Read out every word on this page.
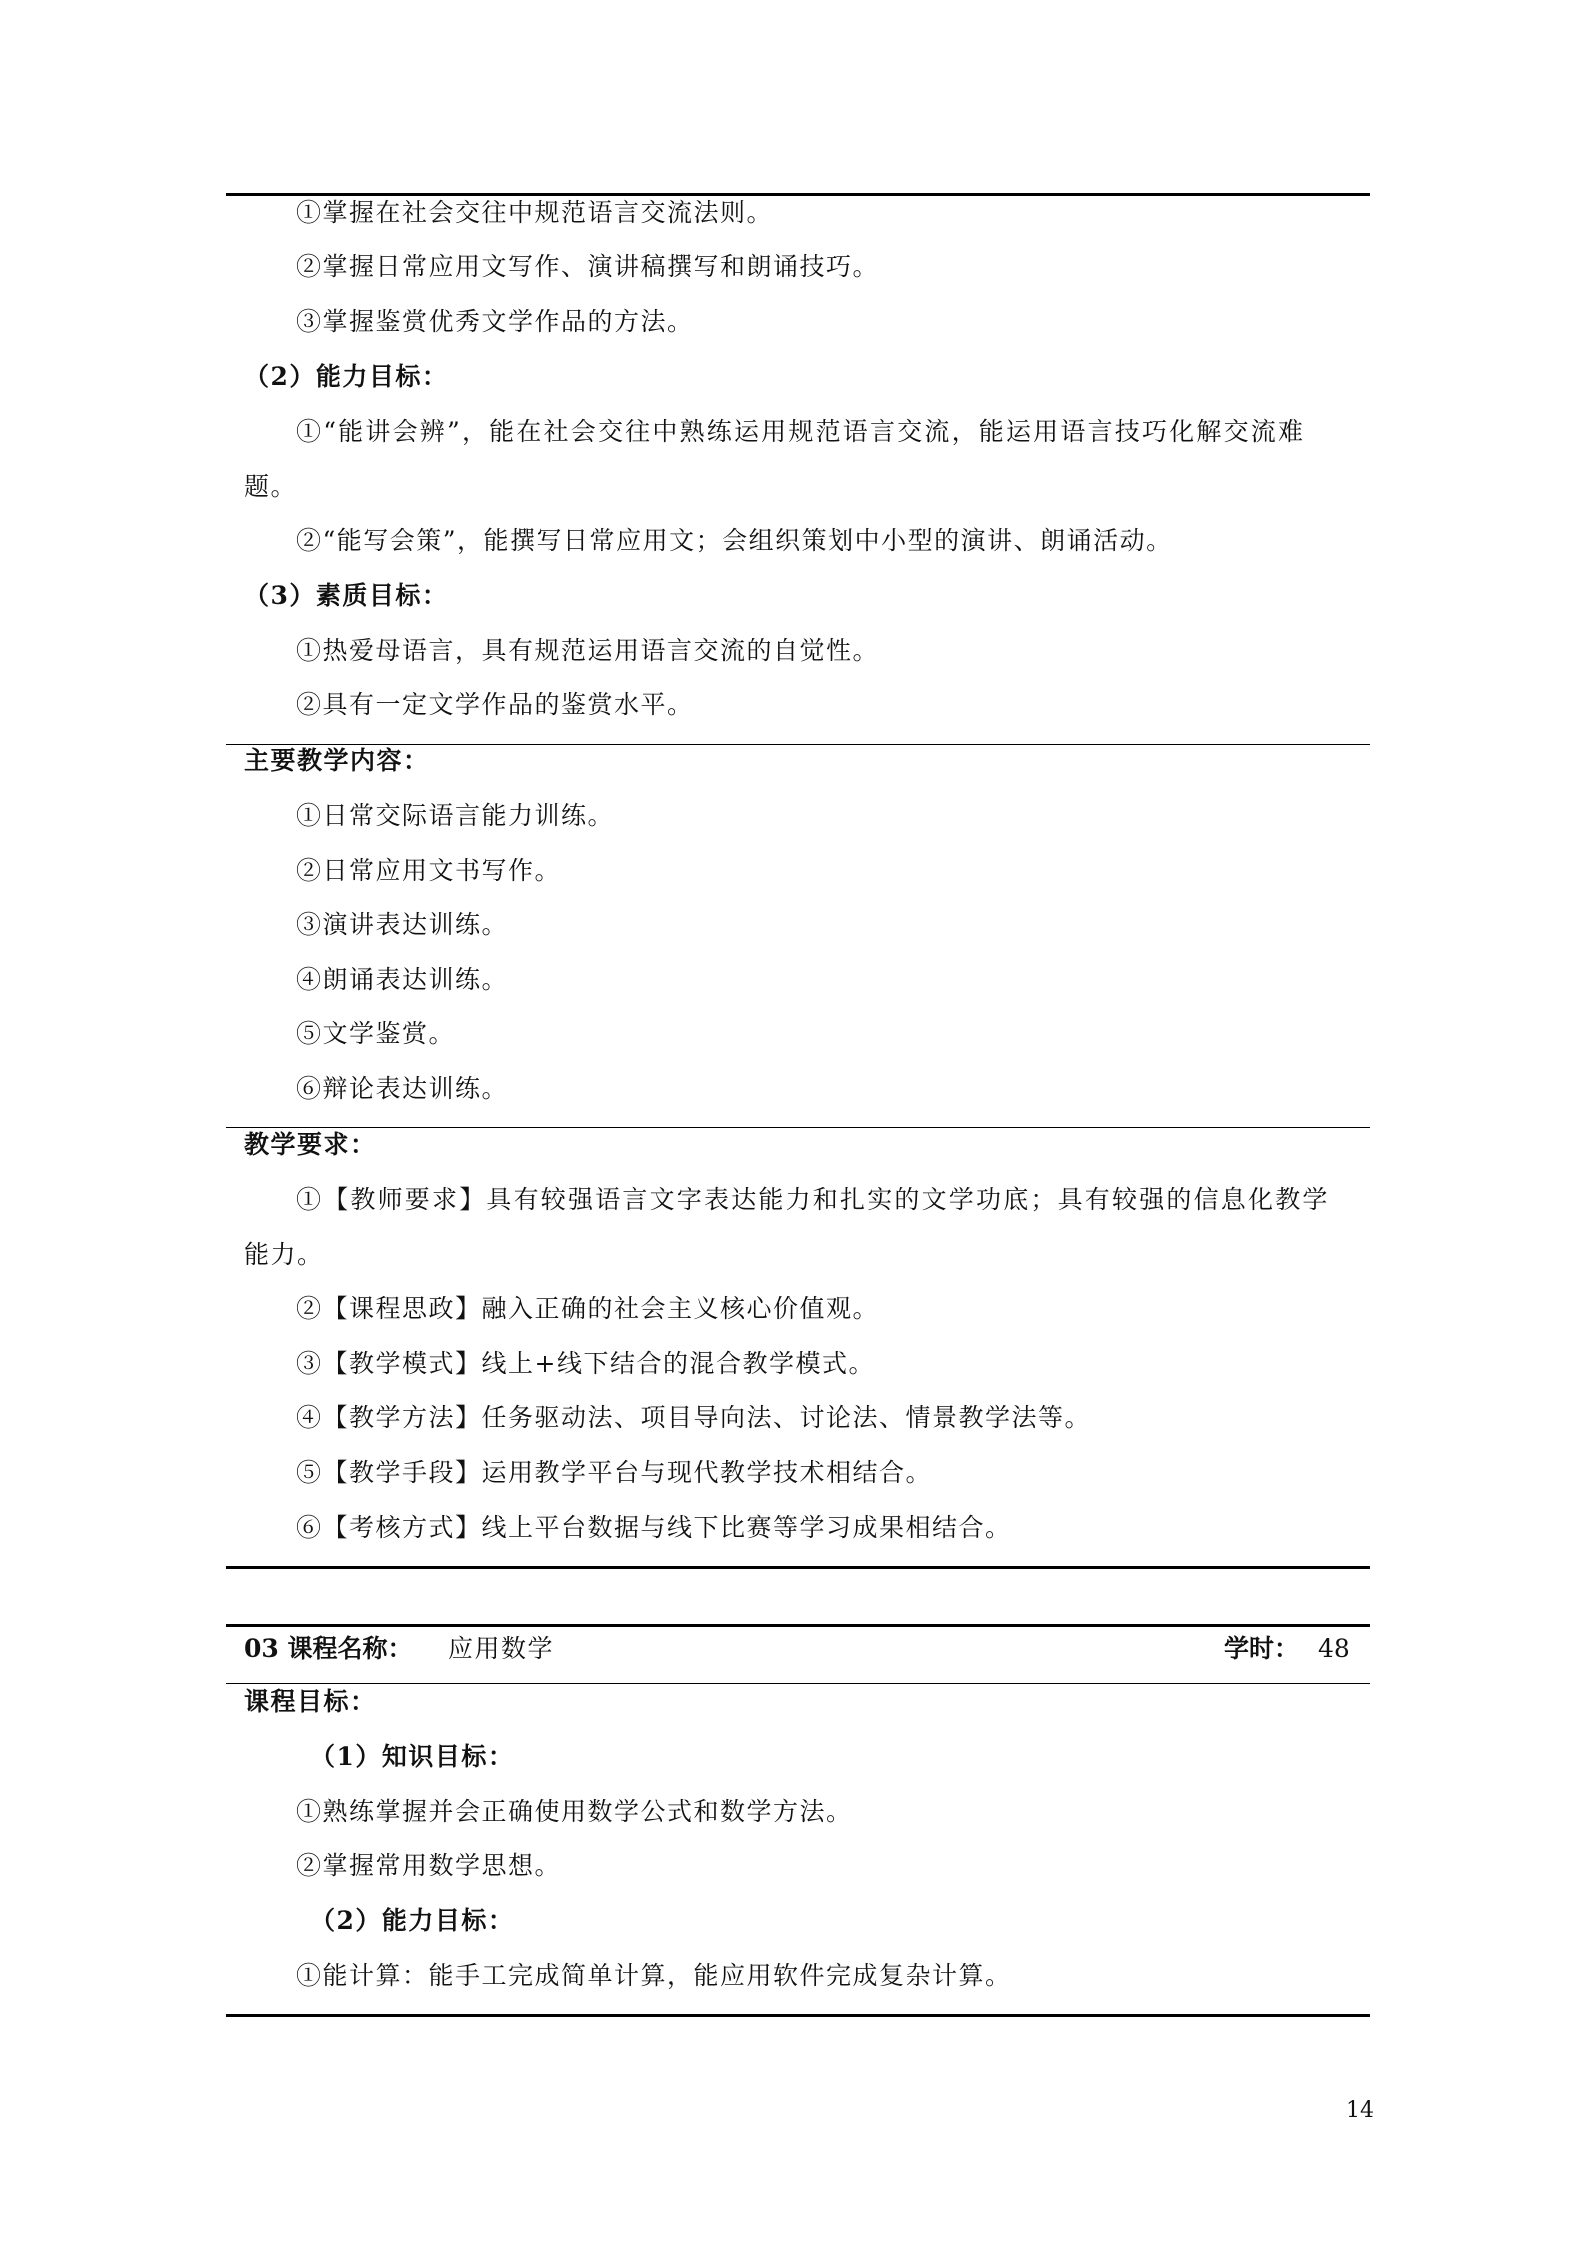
①掌握在社会交往中规范语言交流法则。
②掌握日常应用文写作、演讲稿撰写和朗诵技巧。
③掌握鉴赏优秀文学作品的方法。
（2）能力目标：
①“能讲会辨”，能在社会交往中熟练运用规范语言交流，能运用语言技巧化解交流难
题。
②“能写会策”，能撰写日常应用文；会组织策划中小型的演讲、朗诵活动。
（3）素质目标：
①热爱母语言，具有规范运用语言交流的自觉性。
②具有一定文学作品的鉴赏水平。
主要教学内容：
①日常交际语言能力训练。
②日常应用文书写作。
③演讲表达训练。
④朗诵表达训练。
⑤文学鉴赏。
⑥辩论表达训练。
教学要求：
①【教师要求】具有较强语言文字表达能力和扎实的文学功底；具有较强的信息化教学
能力。
②【课程思政】融入正确的社会主义核心价值观。
③【教学模式】线上+线下结合的混合教学模式。
④【教学方法】任务驱动法、项目导向法、讨论法、情景教学法等。
⑤【教学手段】运用教学平台与现代教学技术相结合。
⑥【考核方式】线上平台数据与线下比赛等学习成果相结合。
03 课程名称： 应用数学	学时： 48
课程目标：
（1）知识目标：
①熟练掌握并会正确使用数学公式和数学方法。
②掌握常用数学思想。
（2）能力目标：
①能计算：能手工完成简单计算，能应用软件完成复杂计算。
14
